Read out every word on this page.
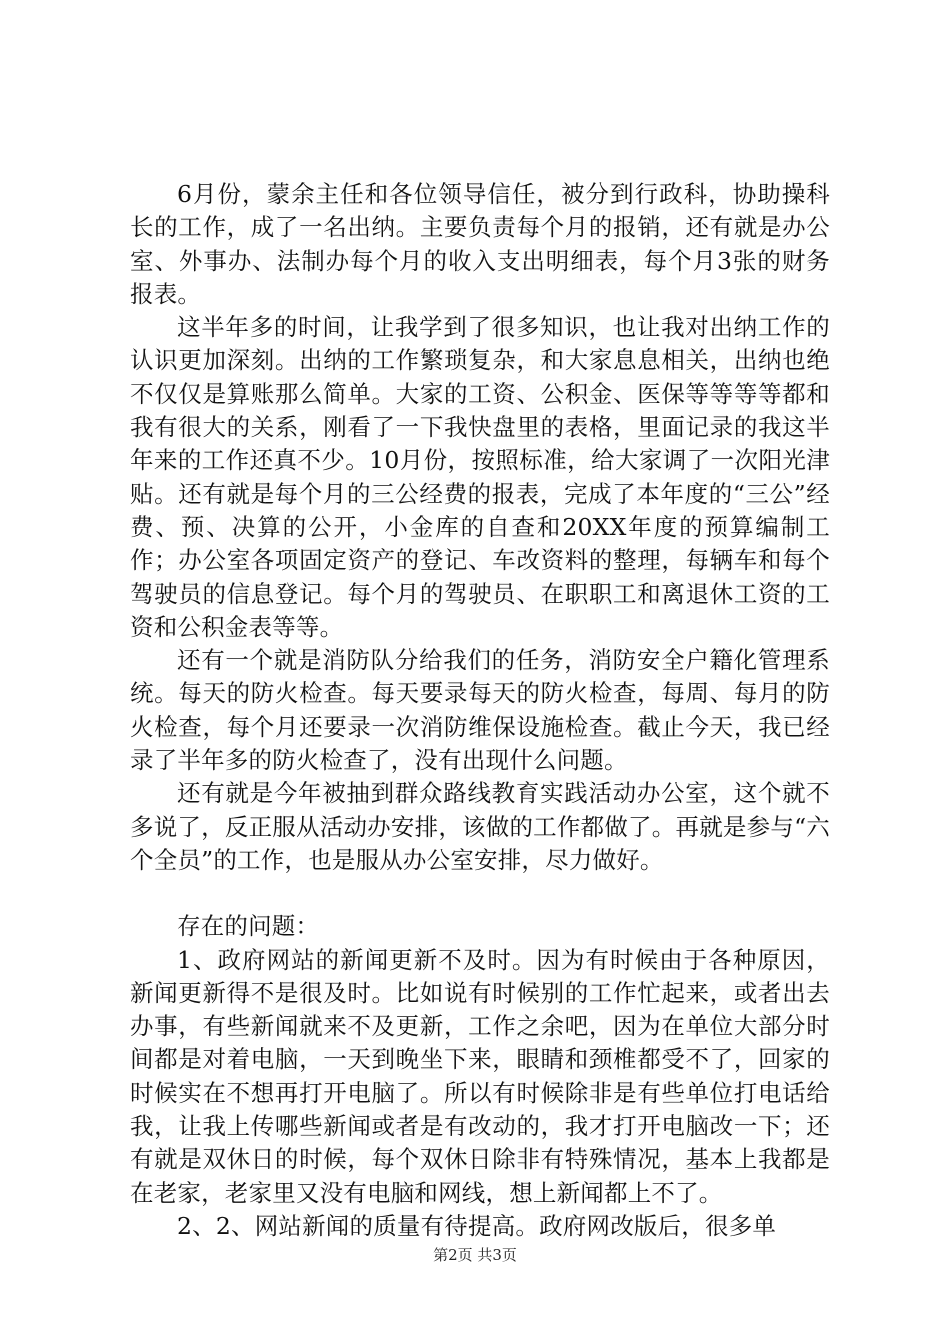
6月份，蒙余主任和各位领导信任，被分到行政科，协助操科长的工作，成了一名出纳。主要负责每个月的报销，还有就是办公室、外事办、法制办每个月的收入支出明细表，每个月3张的财务报表。

这半年多的时间，让我学到了很多知识，也让我对出纳工作的认识更加深刻。出纳的工作繁琐复杂，和大家息息相关，出纳也绝不仅仅是算账那么简单。大家的工资、公积金、医保等等等等都和我有很大的关系，刚看了一下我快盘里的表格，里面记录的我这半年来的工作还真不少。10月份，按照标准，给大家调了一次阳光津贴。还有就是每个月的三公经费的报表，完成了本年度的“三公”经费、预、决算的公开，小金库的自查和20XX年度的预算编制工作；办公室各项固定资产的登记、车改资料的整理，每辆车和每个驾驶员的信息登记。每个月的驾驶员、在职职工和离退休工资的工资和公积金表等等。

还有一个就是消防队分给我们的任务，消防安全户籍化管理系统。每天的防火检查。每天要录每天的防火检查，每周、每月的防火检查，每个月还要录一次消防维保设施检查。截止今天，我已经录了半年多的防火检查了，没有出现什么问题。

还有就是今年被抽到群众路线教育实践活动办公室，这个就不多说了，反正服从活动办安排，该做的工作都做了。再就是参与“六个全员”的工作，也是服从办公室安排，尽力做好。

存在的问题：

1、政府网站的新闻更新不及时。因为有时候由于各种原因，新闻更新得不是很及时。比如说有时候别的工作忙起来，或者出去办事，有些新闻就来不及更新，工作之余吧，因为在单位大部分时间都是对着电脑，一天到晚坐下来，眼睛和颈椎都受不了，回家的时候实在不想再打开电脑了。所以有时候除非是有些单位打电话给我，让我上传哪些新闻或者是有改动的，我才打开电脑改一下；还有就是双休日的时候，每个双休日除非有特殊情况，基本上我都是在老家，老家里又没有电脑和网线，想上新闻都上不了。

2、2、网站新闻的质量有待提高。政府网改版后，很多单

第2页 共3页
